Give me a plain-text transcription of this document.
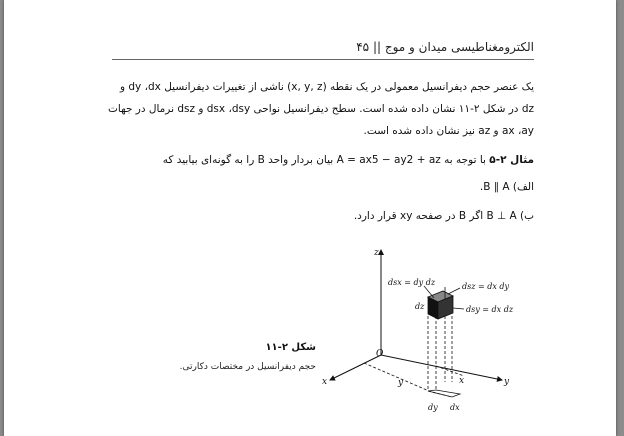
الکترومغناطیسی میدان و موج || ۴۵
یک عنصر حجم دیفرانسیل معمولی در یک نقطه (x, y, z) ناشی از تغییرات دیفرانسیل dy ،dx و
dz در شکل ۲-۱۱ نشان داده شده است. سطح دیفرانسیل نواحی dsx ،dsy و dsz نرمال در جهات
ax ،ay و az نیز نشان داده شده است.
مثال ۲-۵ با توجه به A = ax5 − ay2 + az بیان بردار واحد B را به گونه‌ای بیابید که
الف) B ∥ A.
ب) B ⊥ A اگر B در صفحه xy قرار دارد.
z
x	y
O
dsx = dy dz	dsz = dx dy
dsy = dx dz
dz
x
y
dy dx
شکل ۲-۱۱
حجم دیفرانسیل در مختصات دکارتی.
